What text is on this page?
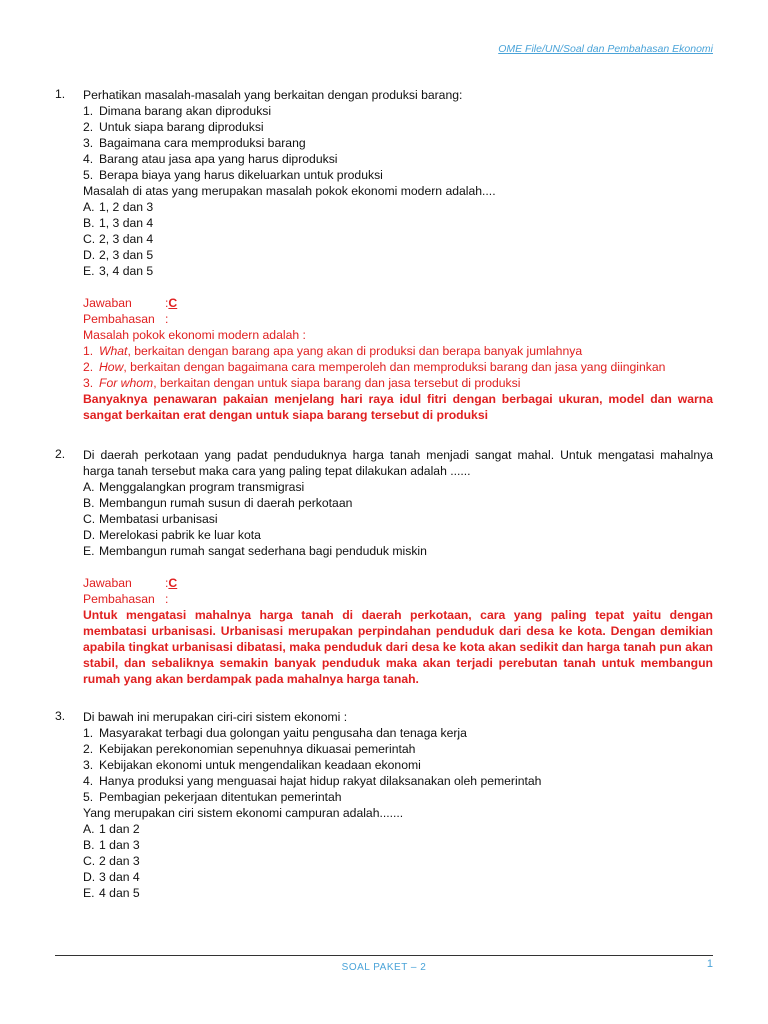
OME File/UN/Soal dan Pembahasan Ekonomi
1. Perhatikan masalah-masalah yang berkaitan dengan produksi barang:
1. Dimana barang akan diproduksi
2. Untuk siapa barang diproduksi
3. Bagaimana cara memproduksi barang
4. Barang atau jasa apa yang harus diproduksi
5. Berapa biaya yang harus dikeluarkan untuk produksi
Masalah di atas yang merupakan masalah pokok ekonomi modern adalah....
A. 1, 2 dan 3
B. 1, 3 dan 4
C. 2, 3 dan 4
D. 2, 3 dan 5
E. 3, 4 dan 5
Jawaban	: C
Pembahasan :
Masalah pokok ekonomi modern adalah :
1. What, berkaitan dengan barang apa yang akan di produksi dan berapa banyak jumlahnya
2. How, berkaitan dengan bagaimana cara memperoleh dan memproduksi barang dan jasa yang diinginkan
3. For whom, berkaitan dengan untuk siapa barang dan jasa tersebut di produksi
Banyaknya penawaran pakaian menjelang hari raya idul fitri dengan berbagai ukuran, model dan warna sangat berkaitan erat dengan untuk siapa barang tersebut di produksi
2. Di daerah perkotaan yang padat penduduknya harga tanah menjadi sangat mahal. Untuk mengatasi mahalnya harga tanah tersebut maka cara yang paling tepat dilakukan adalah ......
A. Menggalangkan program transmigrasi
B. Membangun rumah susun di daerah perkotaan
C. Membatasi urbanisasi
D. Merelokasi pabrik ke luar kota
E. Membangun rumah sangat sederhana bagi penduduk miskin
Jawaban	: C
Pembahasan :
Untuk mengatasi mahalnya harga tanah di daerah perkotaan, cara yang paling tepat yaitu dengan membatasi urbanisasi. Urbanisasi merupakan perpindahan penduduk dari desa ke kota. Dengan demikian apabila tingkat urbanisasi dibatasi, maka penduduk dari desa ke kota akan sedikit dan harga tanah pun akan stabil, dan sebaliknya semakin banyak penduduk maka akan terjadi perebutan tanah untuk membangun rumah yang akan berdampak pada mahalnya harga tanah.
3. Di bawah ini merupakan ciri-ciri sistem ekonomi :
1. Masyarakat terbagi dua golongan yaitu pengusaha dan tenaga kerja
2. Kebijakan perekonomian sepenuhnya dikuasai pemerintah
3. Kebijakan ekonomi untuk mengendalikan keadaan ekonomi
4. Hanya produksi yang menguasai hajat hidup rakyat dilaksanakan oleh pemerintah
5. Pembagian pekerjaan ditentukan pemerintah
Yang merupakan ciri sistem ekonomi campuran adalah.......
A. 1 dan 2
B. 1 dan 3
C. 2 dan 3
D. 3 dan 4
E. 4 dan 5
SOAL PAKET – 2	1
